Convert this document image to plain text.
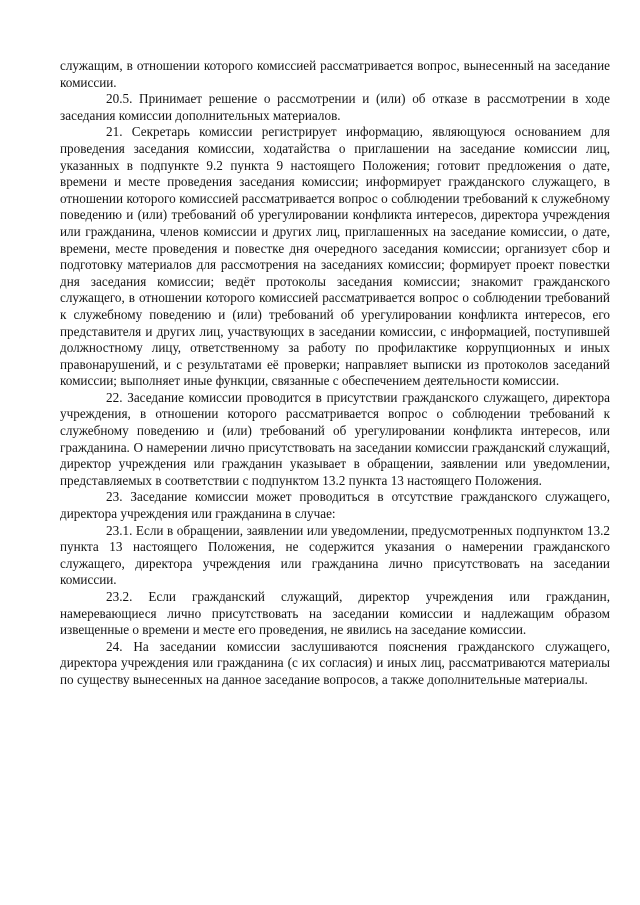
служащим, в отношении которого комиссией рассматривается вопрос, вынесенный на заседание комиссии.

20.5. Принимает решение о рассмотрении и (или) об отказе в рассмотрении в ходе заседания комиссии дополнительных материалов.

21. Секретарь комиссии регистрирует информацию, являющуюся основанием для проведения заседания комиссии, ходатайства о приглашении на заседание комиссии лиц, указанных в подпункте 9.2 пункта 9 настоящего Положения; готовит предложения о дате, времени и месте проведения заседания комиссии; информирует гражданского служащего, в отношении которого комиссией рассматривается вопрос о соблюдении требований к служебному поведению и (или) требований об урегулировании конфликта интересов, директора учреждения или гражданина, членов комиссии и других лиц, приглашенных на заседание комиссии, о дате, времени, месте проведения и повестке дня очередного заседания комиссии; организует сбор и подготовку материалов для рассмотрения на заседаниях комиссии; формирует проект повестки дня заседания комиссии; ведёт протоколы заседания комиссии; знакомит гражданского служащего, в отношении которого комиссией рассматривается вопрос о соблюдении требований к служебному поведению и (или) требований об урегулировании конфликта интересов, его представителя и других лиц, участвующих в заседании комиссии, с информацией, поступившей должностному лицу, ответственному за работу по профилактике коррупционных и иных правонарушений, и с результатами её проверки; направляет выписки из протоколов заседаний комиссии; выполняет иные функции, связанные с обеспечением деятельности комиссии.

22. Заседание комиссии проводится в присутствии гражданского служащего, директора учреждения, в отношении которого рассматривается вопрос о соблюдении требований к служебному поведению и (или) требований об урегулировании конфликта интересов, или гражданина. О намерении лично присутствовать на заседании комиссии гражданский служащий, директор учреждения или гражданин указывает в обращении, заявлении или уведомлении, представляемых в соответствии с подпунктом 13.2 пункта 13 настоящего Положения.

23. Заседание комиссии может проводиться в отсутствие гражданского служащего, директора учреждения или гражданина в случае:

23.1. Если в обращении, заявлении или уведомлении, предусмотренных подпунктом 13.2 пункта 13 настоящего Положения, не содержится указания о намерении гражданского служащего, директора учреждения или гражданина лично присутствовать на заседании комиссии.

23.2. Если гражданский служащий, директор учреждения или гражданин, намеревающиеся лично присутствовать на заседании комиссии и надлежащим образом извещенные о времени и месте его проведения, не явились на заседание комиссии.

24. На заседании комиссии заслушиваются пояснения гражданского служащего, директора учреждения или гражданина (с их согласия) и иных лиц, рассматриваются материалы по существу вынесенных на данное заседание вопросов, а также дополнительные материалы.
